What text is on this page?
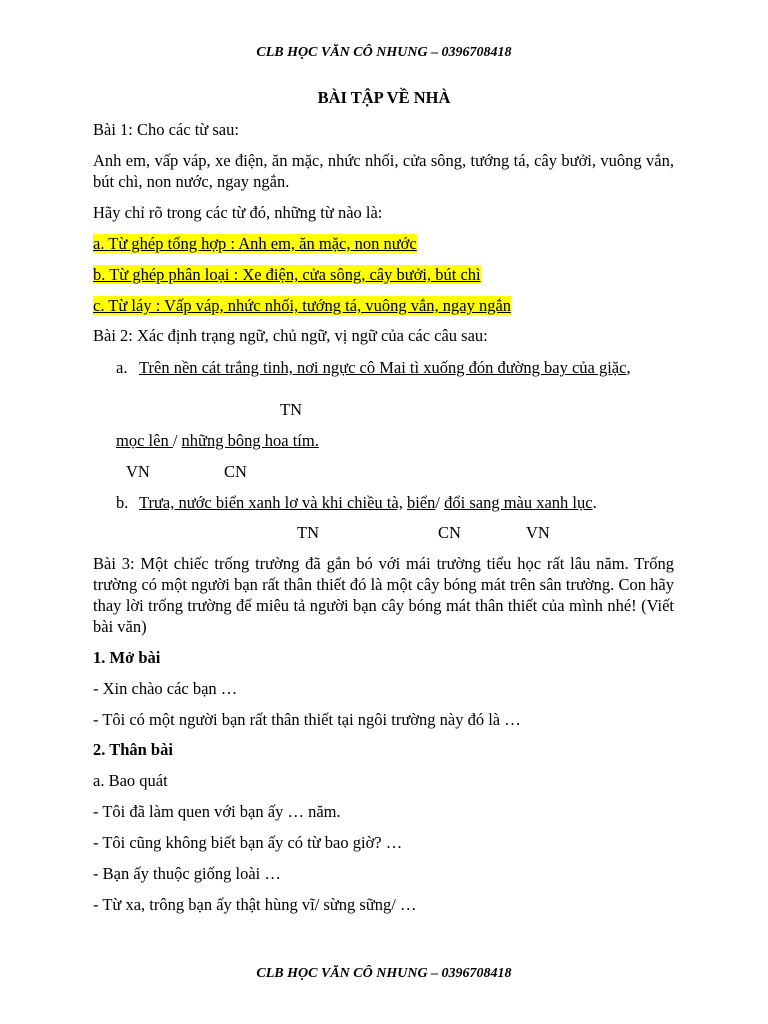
CLB HỌC VĂN CÔ NHUNG – 0396708418
BÀI TẬP VỀ NHÀ
Bài 1: Cho các từ sau:
Anh em, vấp váp, xe điện, ăn mặc, nhức nhối, cửa sông, tướng tá, cây bưởi, vuông vắn, bút chì, non nước, ngay ngắn.
Hãy chỉ rõ trong các từ đó, những từ nào là:
a. Từ ghép tổng hợp : Anh em, ăn mặc, non nước
b. Từ ghép phân loại : Xe điện, cửa sông, cây bưởi, bút chì
c. Từ láy : Vấp váp, nhức nhối, tướng tá, vuông vắn, ngay ngắn
Bài 2: Xác định trạng ngữ, chủ ngữ, vị ngữ của các câu sau:
a. Trên nền cát trắng tinh, nơi ngực cô Mai tì xuống đón đường bay của giặc,
TN
mọc lên / những bông hoa tím.
VN	CN
b. Trưa, nước biển xanh lơ và khi chiều tà, biển/ đổi sang màu xanh lục.
TN	CN	VN
Bài 3: Một chiếc trống trường đã gắn bó với mái trường tiểu học rất lâu năm. Trống trường có một người bạn rất thân thiết đó là một cây bóng mát trên sân trường. Con hãy thay lời trống trường để miêu tả người bạn cây bóng mát thân thiết của mình nhé! (Viết bài văn)
1. Mở bài
- Xin chào các bạn …
- Tôi có một người bạn rất thân thiết tại ngôi trường này đó là …
2. Thân bài
a. Bao quát
- Tôi đã làm quen với bạn ấy … năm.
- Tôi cũng không biết bạn ấy có từ bao giờ? …
- Bạn ấy thuộc giống loài …
- Từ xa, trông bạn ấy thật hùng vĩ/ sừng sững/ …
CLB HỌC VĂN CÔ NHUNG – 0396708418
